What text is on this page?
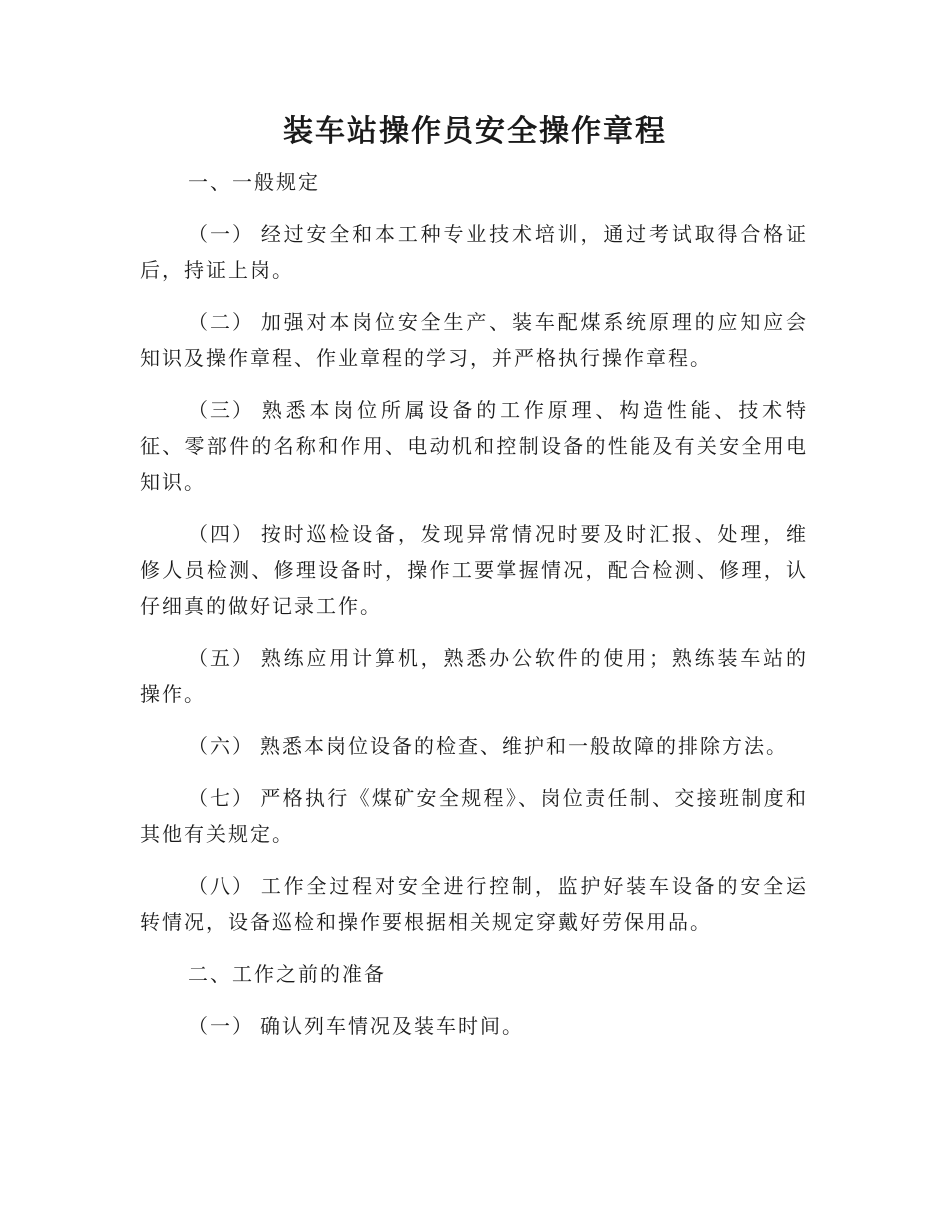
装车站操作员安全操作章程

一、一般规定

（一） 经过安全和本工种专业技术培训，通过考试取得合格证后，持证上岗。

（二） 加强对本岗位安全生产、装车配煤系统原理的应知应会知识及操作章程、作业章程的学习，并严格执行操作章程。

（三） 熟悉本岗位所属设备的工作原理、构造性能、技术特征、零部件的名称和作用、电动机和控制设备的性能及有关安全用电知识。

（四） 按时巡检设备，发现异常情况时要及时汇报、处理，维修人员检测、修理设备时，操作工要掌握情况，配合检测、修理，认仔细真的做好记录工作。

（五） 熟练应用计算机，熟悉办公软件的使用；熟练装车站的操作。

（六） 熟悉本岗位设备的检查、维护和一般故障的排除方法。

（七） 严格执行《煤矿安全规程》、岗位责任制、交接班制度和其他有关规定。

（八） 工作全过程对安全进行控制，监护好装车设备的安全运转情况，设备巡检和操作要根据相关规定穿戴好劳保用品。

二、工作之前的准备

（一） 确认列车情况及装车时间。
